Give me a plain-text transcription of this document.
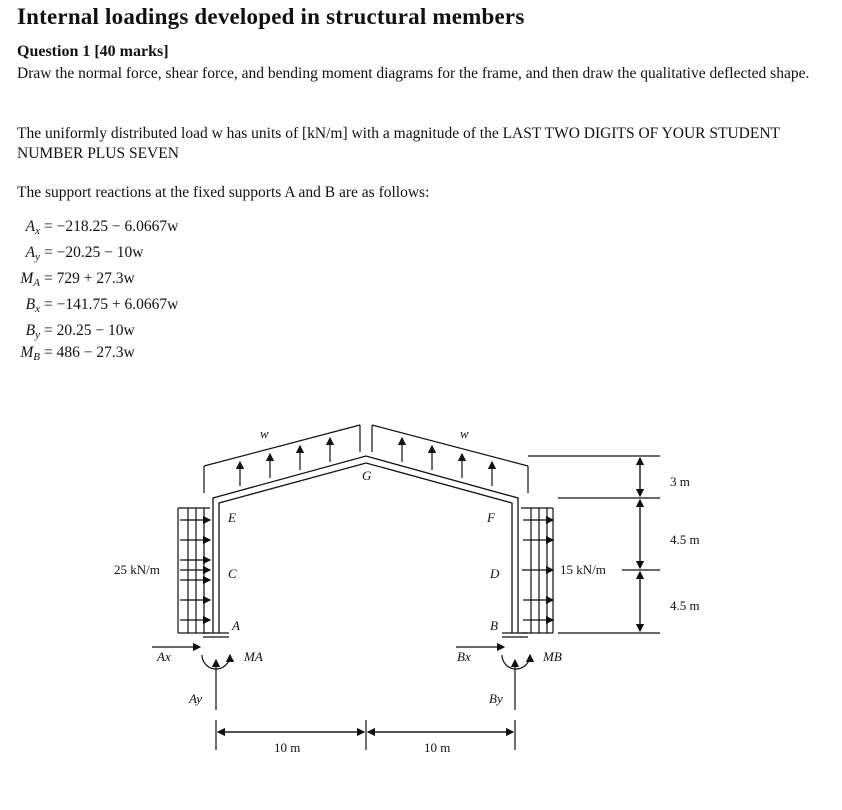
Internal loadings developed in structural members
Question 1 [40 marks]
Draw the normal force, shear force, and bending moment diagrams for the frame, and then draw the qualitative deflected shape.
The uniformly distributed load w has units of [kN/m] with a magnitude of the LAST TWO DIGITS OF YOUR STUDENT NUMBER PLUS SEVEN
The support reactions at the fixed supports A and B are as follows:
Ax = −218.25 − 6.0667w
Ay = −20.25 − 10w
MA = 729 + 27.3w
Bx = −141.75 + 6.0667w
By = 20.25 − 10w
MB = 486 − 27.3w
w	w
E
C
A
G
F
D
B
25 kN/m	15 kN/m
Ax	MA
Ay
Bx	MB
By
10 m	10 m
3 m
4.5 m
4.5 m
